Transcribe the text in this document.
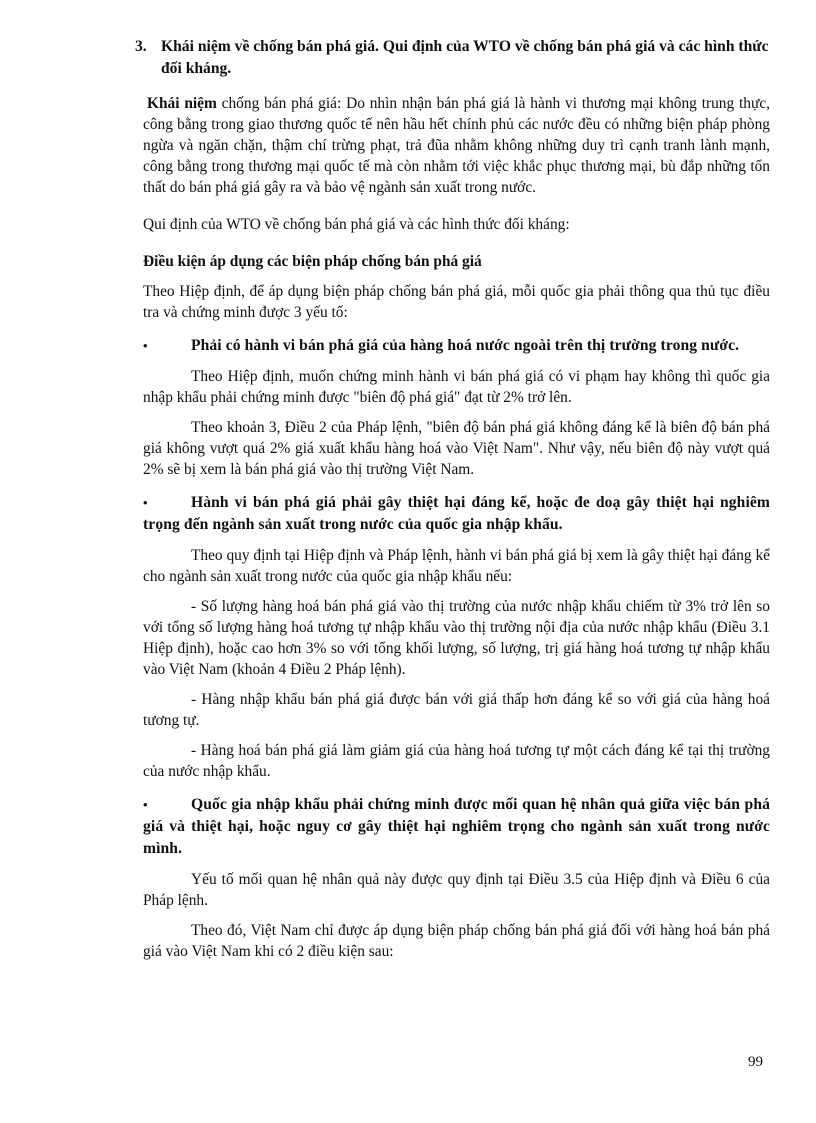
3. Khái niệm về chống bán phá giá. Qui định của WTO về chống bán phá giá và các hình thức đối kháng.

Khái niệm chống bán phá giá: Do nhìn nhận bán phá giá là hành vi thương mại không trung thực, công bằng trong giao thương quốc tế nên hầu hết chính phủ các nước đều có những biện pháp phòng ngừa và ngăn chặn, thậm chí trừng phạt, trả đũa nhằm không những duy trì cạnh tranh lành mạnh, công bằng trong thương mại quốc tế mà còn nhằm tới việc khắc phục thương mại, bù đắp những tổn thất do bán phá giá gây ra và bảo vệ ngành sản xuất trong nước.

Qui định của WTO về chống bán phá giá và các hình thức đối kháng:

Điều kiện áp dụng các biện pháp chống bán phá giá

Theo Hiệp định, để áp dụng biện pháp chống bán phá giá, mỗi quốc gia phải thông qua thủ tục điều tra và chứng minh được 3 yếu tố:

•	Phải có hành vi bán phá giá của hàng hoá nước ngoài trên thị trường trong nước.

Theo Hiệp định, muốn chứng minh hành vi bán phá giá có vi phạm hay không thì quốc gia nhập khẩu phải chứng minh được "biên độ phá giá" đạt từ 2% trở lên.

Theo khoản 3, Điều 2 của Pháp lệnh, "biên độ bán phá giá không đáng kể là biên độ bán phá giá không vượt quá 2% giá xuất khẩu hàng hoá vào Việt Nam". Như vậy, nếu biên độ này vượt quá 2% sẽ bị xem là bán phá giá vào thị trường Việt Nam.

•	Hành vi bán phá giá phải gây thiệt hại đáng kể, hoặc đe doạ gây thiệt hại nghiêm trọng đến ngành sản xuất trong nước của quốc gia nhập khẩu.

Theo quy định tại Hiệp định và Pháp lệnh, hành vi bán phá giá bị xem là gây thiệt hại đáng kể cho ngành sản xuất trong nước của quốc gia nhập khẩu nếu:

- Số lượng hàng hoá bán phá giá vào thị trường của nước nhập khẩu chiếm từ 3% trở lên so với tổng số lượng hàng hoá tương tự nhập khẩu vào thị trường nội địa của nước nhập khẩu (Điều 3.1 Hiệp định), hoặc cao hơn 3% so với tổng khối lượng, số lượng, trị giá hàng hoá tương tự nhập khẩu vào Việt Nam (khoản 4 Điều 2 Pháp lệnh).

- Hàng nhập khẩu bán phá giá được bán với giá thấp hơn đáng kể so với giá của hàng hoá tương tự.

- Hàng hoá bán phá giá làm giảm giá của hàng hoá tương tự một cách đáng kể tại thị trường của nước nhập khẩu.

•	Quốc gia nhập khẩu phải chứng minh được mối quan hệ nhân quả giữa việc bán phá giá và thiệt hại, hoặc nguy cơ gây thiệt hại nghiêm trọng cho ngành sản xuất trong nước mình.

Yếu tố mối quan hệ nhân quả này được quy định tại Điều 3.5 của Hiệp định và Điều 6 của Pháp lệnh.

Theo đó, Việt Nam chỉ được áp dụng biện pháp chống bán phá giá đối với hàng hoá bán phá giá vào Việt Nam khi có 2 điều kiện sau:

99
